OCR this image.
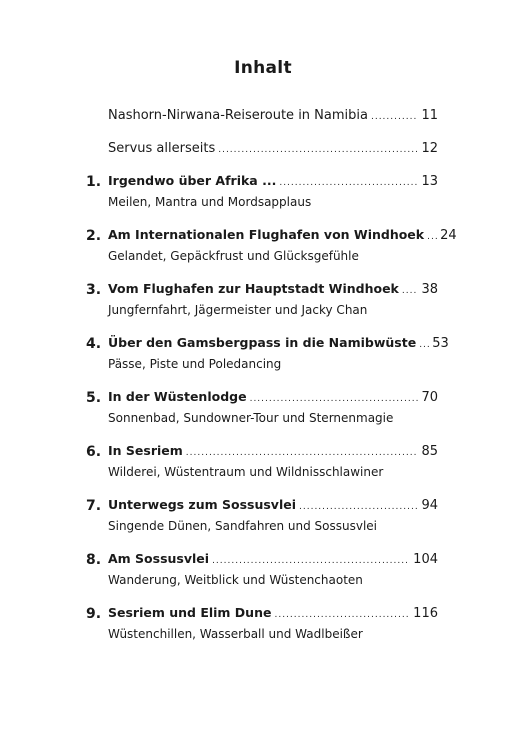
Inhalt
Nashorn-Nirwana-Reiseroute in Namibia .....	11
Servus allerseits .....	12
1. Irgendwo über Afrika ... .....	13
Meilen, Mantra und Mordsapplaus
2. Am Internationalen Flughafen von Windhoek ..... 24
Gelandet, Gepäckfrust und Glücksgefühle
3. Vom Flughafen zur Hauptstadt Windhoek ..... 38
Jungfernfahrt, Jägermeister und Jacky Chan
4. Über den Gamsbergpass in die Namibwüste ..... 53
Pässe, Piste und Poledancing
5. In der Wüstenlodge .....	70
Sonnenbad, Sundowner-Tour und Sternenmagie
6. In Sesriem .....	85
Wilderei, Wüstentraum und Wildnisschlawiner
7. Unterwegs zum Sossusvlei .....	94
Singende Dünen, Sandfahren und Sossusvlei
8. Am Sossusvlei .....	104
Wanderung, Weitblick und Wüstenchaoten
9. Sesriem und Elim Dune .....	116
Wüstenchillen, Wasserball und Wadlbeißer
